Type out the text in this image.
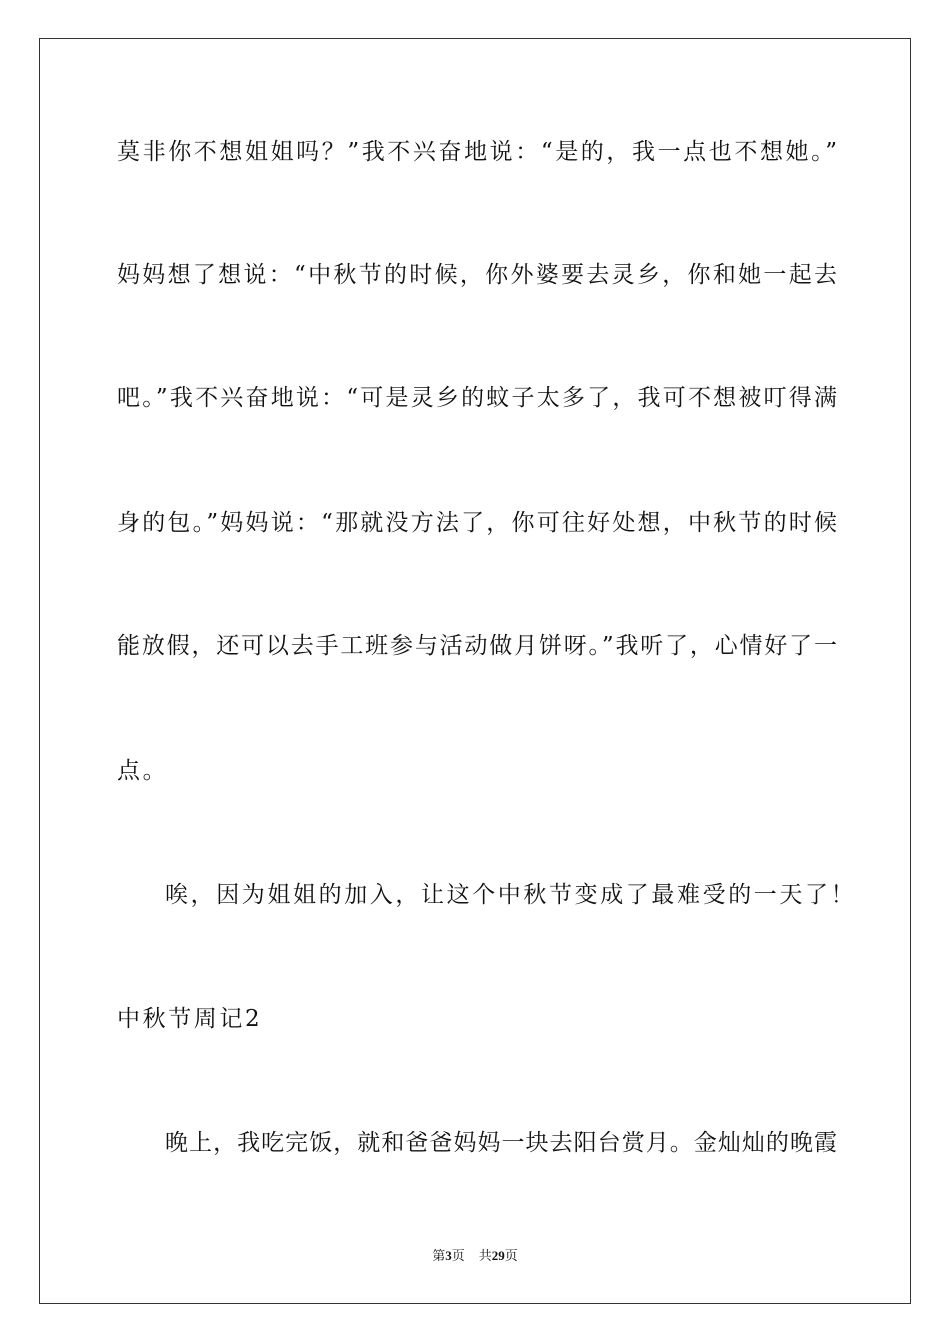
莫非你不想姐姐吗？”我不兴奋地说：“是的，我一点也不想她。”
妈妈想了想说：“中秋节的时候，你外婆要去灵乡，你和她一起去
吧。”我不兴奋地说：“可是灵乡的蚊子太多了，我可不想被叮得满
身的包。”妈妈说：“那就没方法了，你可往好处想，中秋节的时候
能放假，还可以去手工班参与活动做月饼呀。”我听了，心情好了一
点。
唉，因为姐姐的加入，让这个中秋节变成了最难受的一天了！
中秋节周记2
晚上，我吃完饭，就和爸爸妈妈一块去阳台赏月。金灿灿的晚霞
第3页 共29页
